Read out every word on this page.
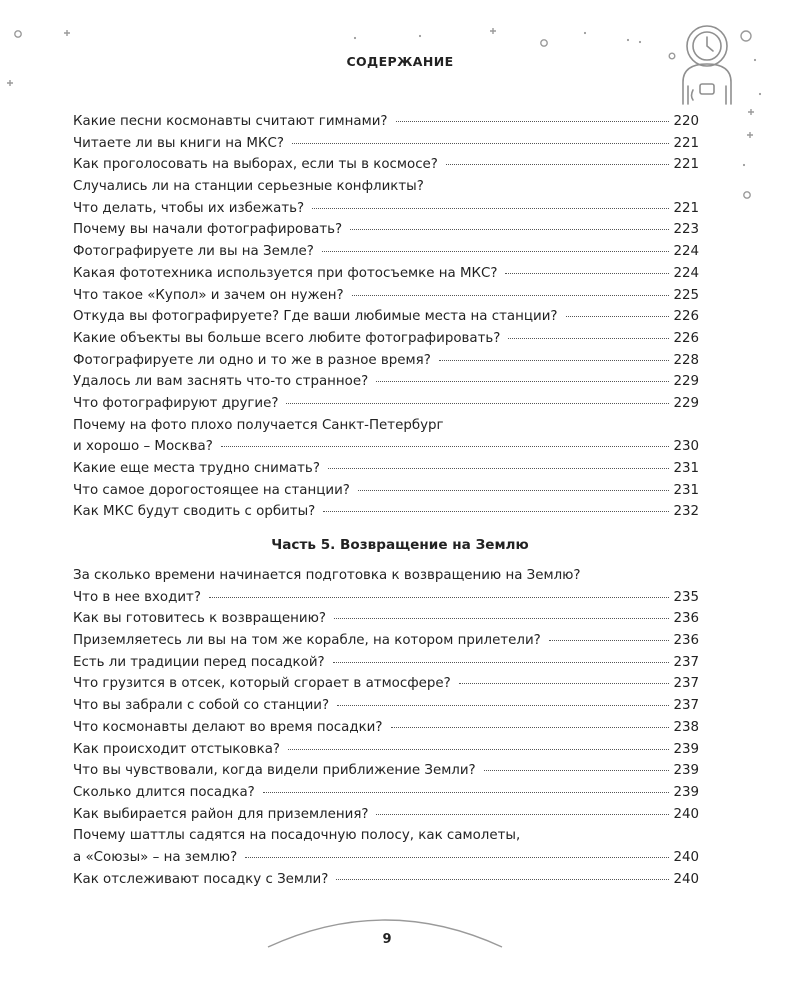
СОДЕРЖАНИЕ
Какие песни космонавты считают гимнами?	220
Читаете ли вы книги на МКС?	221
Как проголосовать на выборах, если ты в космосе?	221
Случались ли на станции серьезные конфликты?
Что делать, чтобы их избежать?	221
Почему вы начали фотографировать?	223
Фотографируете ли вы на Земле?	224
Какая фототехника используется при фотосъемке на МКС?	224
Что такое «Купол» и зачем он нужен?	225
Откуда вы фотографируете? Где ваши любимые места на станции?	226
Какие объекты вы больше всего любите фотографировать?	226
Фотографируете ли одно и то же в разное время?	228
Удалось ли вам заснять что-то странное?	229
Что фотографируют другие?	229
Почему на фото плохо получается Санкт-Петербург
и хорошо – Москва?	230
Какие еще места трудно снимать?	231
Что самое дорогостоящее на станции?	231
Как МКС будут сводить с орбиты?	232
Часть 5. Возвращение на Землю
За сколько времени начинается подготовка к возвращению на Землю?
Что в нее входит?	235
Как вы готовитесь к возвращению?	236
Приземляетесь ли вы на том же корабле, на котором прилетели?	236
Есть ли традиции перед посадкой?	237
Что грузится в отсек, который сгорает в атмосфере?	237
Что вы забрали с собой со станции?	237
Что космонавты делают во время посадки?	238
Как происходит отстыковка?	239
Что вы чувствовали, когда видели приближение Земли?	239
Сколько длится посадка?	239
Как выбирается район для приземления?	240
Почему шаттлы садятся на посадочную полосу, как самолеты,
а «Союзы» – на землю?	240
Как отслеживают посадку с Земли?	240
9
